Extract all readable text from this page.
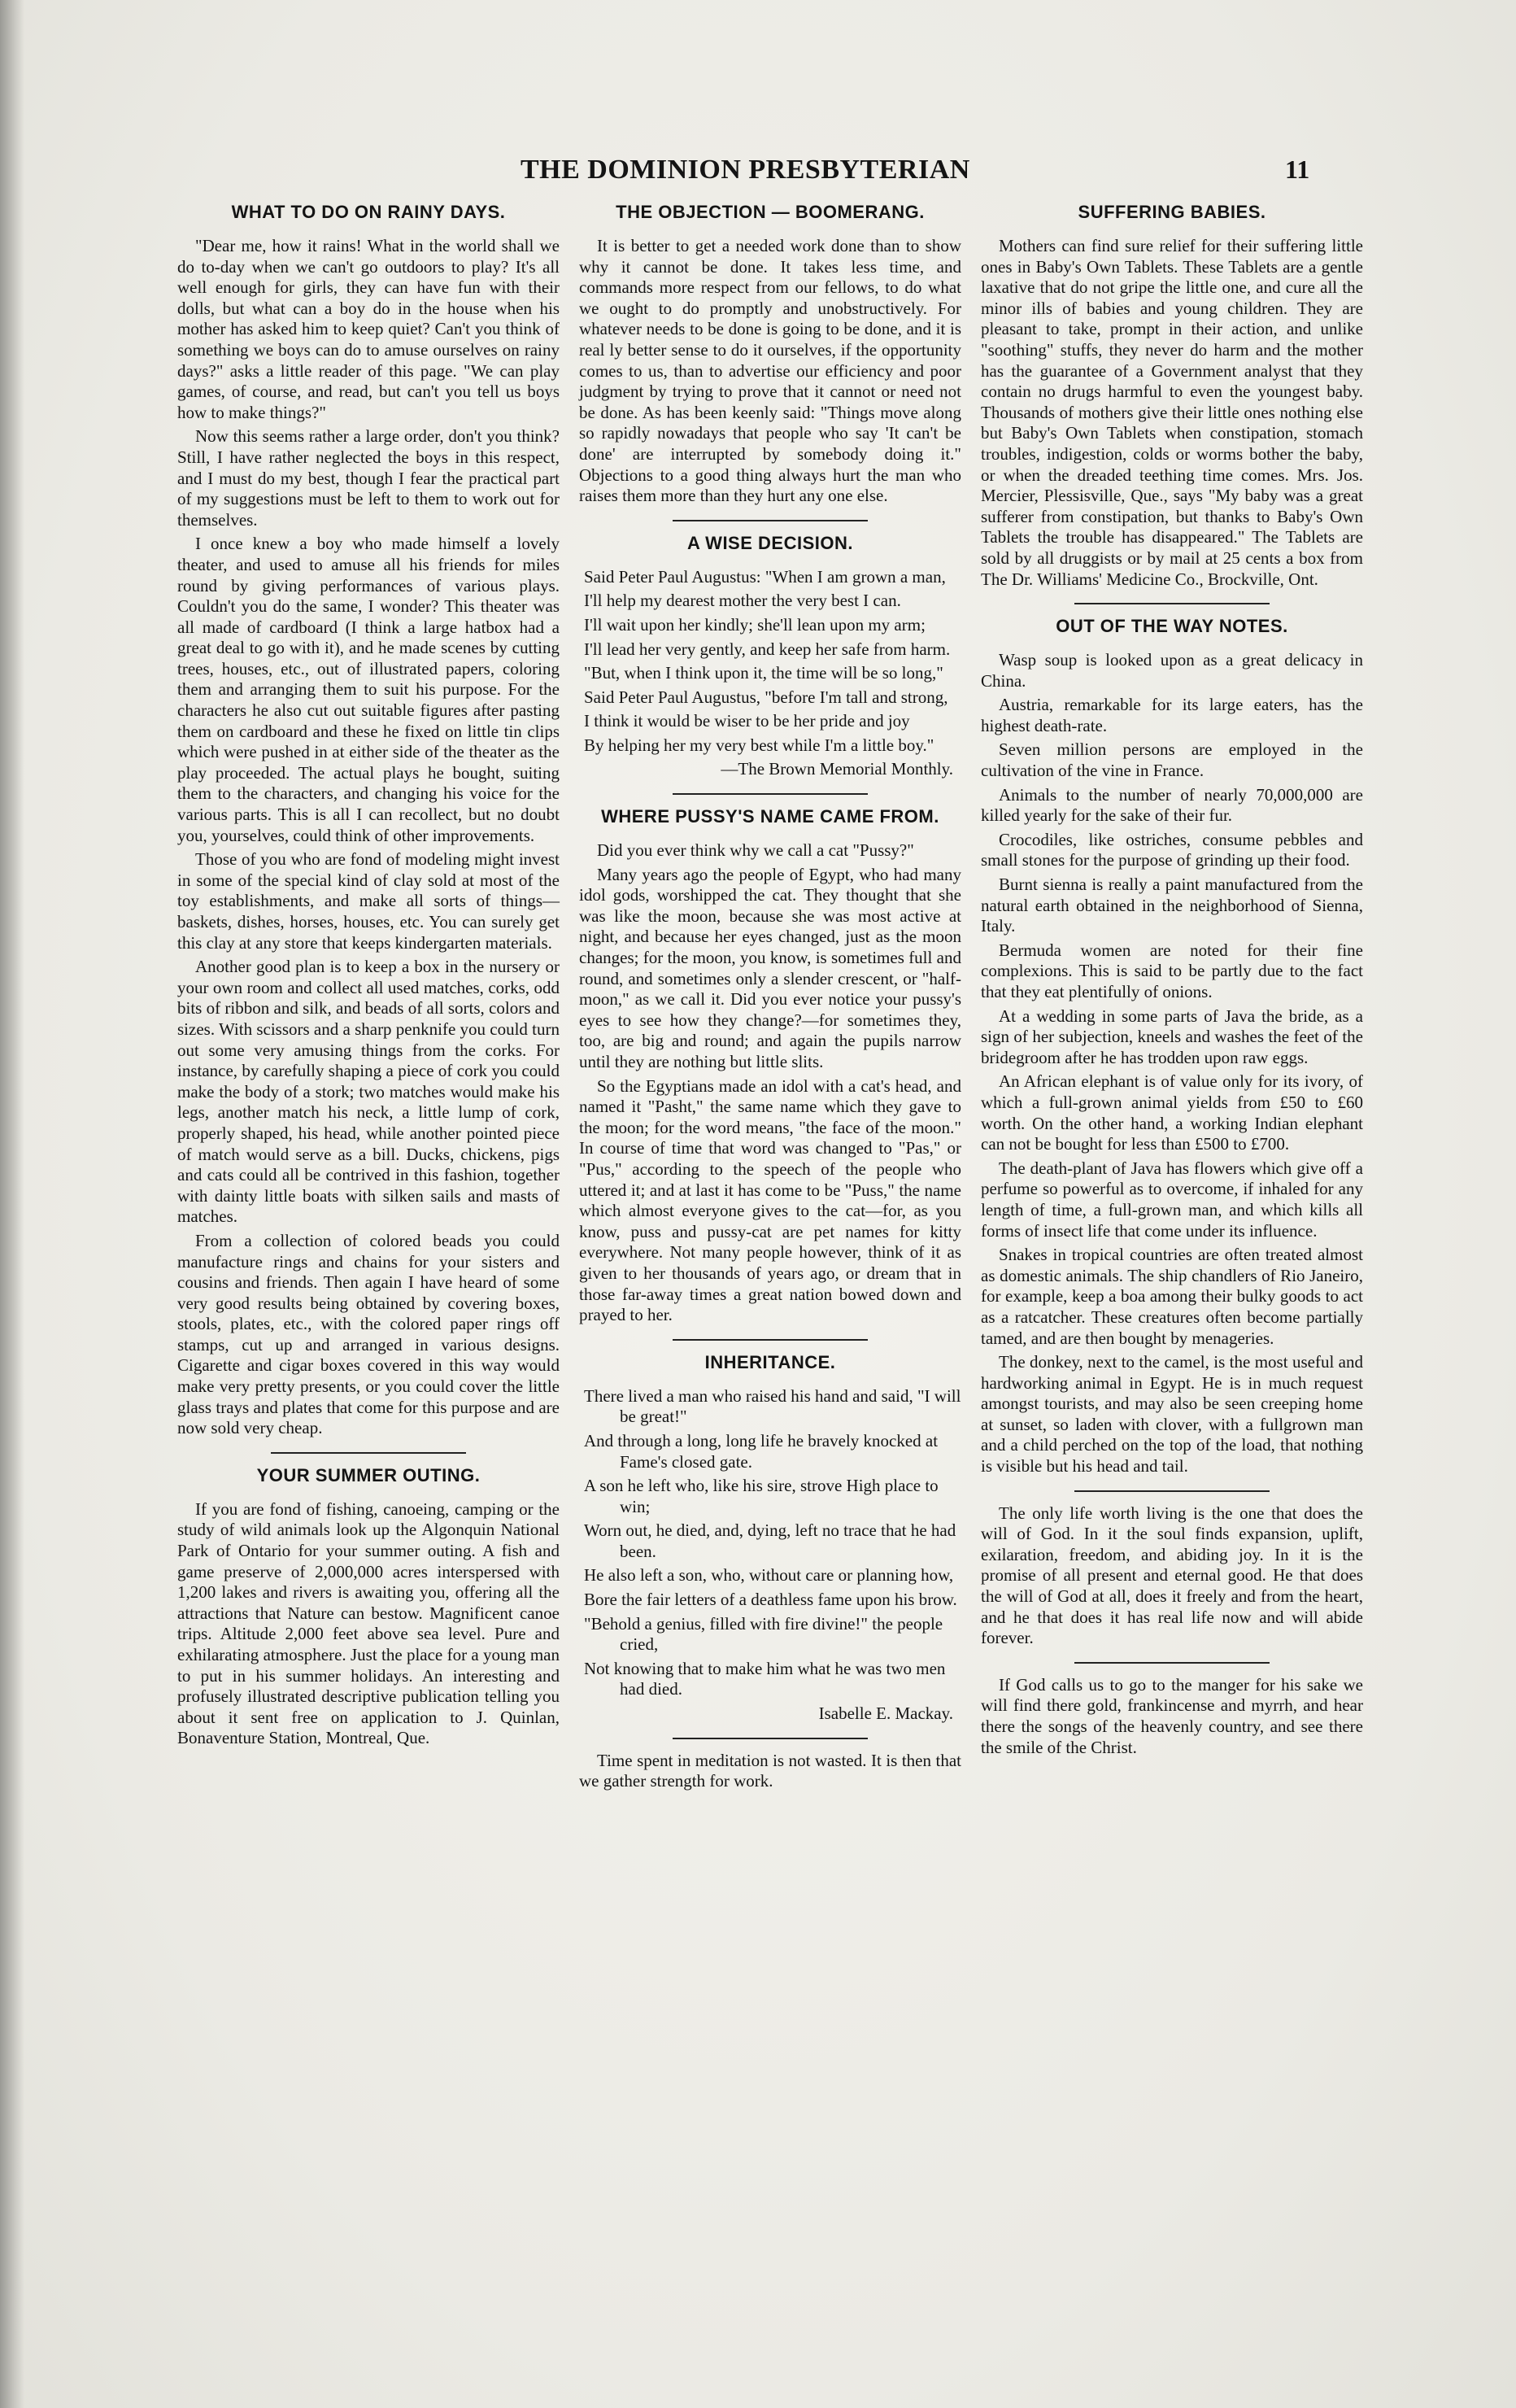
THE DOMINION PRESBYTERIAN	11
WHAT TO DO ON RAINY DAYS.

"Dear me, how it rains! What in the world shall we do to-day when we can't go outdoors to play? It's all well enough for girls, they can have fun with their dolls, but what can a boy do in the house when his mother has asked him to keep quiet? Can't you think of something we boys can do to amuse ourselves on rainy days?" asks a little reader of this page. "We can play games, of course, and read, but can't you tell us boys how to make things?"

Now this seems rather a large order, don't you think? Still, I have rather neglected the boys in this respect, and I must do my best, though I fear the practical part of my suggestions must be left to them to work out for themselves.

I once knew a boy who made himself a lovely theater, and used to amuse all his friends for miles round by giving performances of various plays. Couldn't you do the same, I wonder? This theater was all made of cardboard (I think a large hatbox had a great deal to go with it), and he made scenes by cutting trees, houses, etc., out of illustrated papers, coloring them and arranging them to suit his purpose. For the characters he also cut out suitable figures after pasting them on cardboard and these he fixed on little tin clips which were pushed in at either side of the theater as the play proceeded. The actual plays he bought, suiting them to the characters, and changing his voice for the various parts. This is all I can recollect, but no doubt you, yourselves, could think of other improvements.

Those of you who are fond of modeling might invest in some of the special kind of clay sold at most of the toy establishments, and make all sorts of things—baskets, dishes, horses, houses, etc. You can surely get this clay at any store that keeps kindergarten materials.

Another good plan is to keep a box in the nursery or your own room and collect all used matches, corks, odd bits of ribbon and silk, and beads of all sorts, colors and sizes. With scissors and a sharp penknife you could turn out some very amusing things from the corks. For instance, by carefully shaping a piece of cork you could make the body of a stork; two matches would make his legs, another match his neck, a little lump of cork, properly shaped, his head, while another pointed piece of match would serve as a bill. Ducks, chickens, pigs and cats could all be contrived in this fashion, together with dainty little boats with silken sails and masts of matches.

From a collection of colored beads you could manufacture rings and chains for your sisters and cousins and friends. Then again I have heard of some very good results being obtained by covering boxes, stools, plates, etc., with the colored paper rings off stamps, cut up and arranged in various designs. Cigarette and cigar boxes covered in this way would make very pretty presents, or you could cover the little glass trays and plates that come for this purpose and are now sold very cheap.

YOUR SUMMER OUTING.

If you are fond of fishing, canoeing, camping or the study of wild animals look up the Algonquin National Park of Ontario for your summer outing. A fish and game preserve of 2,000,000 acres interspersed with 1,200 lakes and rivers is awaiting you, offering all the attractions that Nature can bestow. Magnificent canoe trips. Altitude 2,000 feet above sea level. Pure and exhilarating atmosphere. Just the place for a young man to put in his summer holidays. An interesting and profusely illustrated descriptive publication telling you about it sent free on application to J. Quinlan, Bonaventure Station, Montreal, Que.

THE OBJECTION — BOOMERANG.

It is better to get a needed work done than to show why it cannot be done. It takes less time, and commands more respect from our fellows, to do what we ought to do promptly and unobstructively. For whatever needs to be done is going to be done, and it is real ly better sense to do it ourselves, if the opportunity comes to us, than to advertise our efficiency and poor judgment by trying to prove that it cannot or need not be done. As has been keenly said: "Things move along so rapidly nowadays that people who say 'It can't be done' are interrupted by somebody doing it." Objections to a good thing always hurt the man who raises them more than they hurt any one else.

A WISE DECISION.

Said Peter Paul Augustus: "When I am grown a man,

I'll help my dearest mother the very best I can.

I'll wait upon her kindly; she'll lean upon my arm;

I'll lead her very gently, and keep her safe from harm.

"But, when I think upon it, the time will be so long,"

Said Peter Paul Augustus, "before I'm tall and strong,

I think it would be wiser to be her pride and joy

By helping her my very best while I'm a little boy."

—The Brown Memorial Monthly.

WHERE PUSSY'S NAME CAME FROM.

Did you ever think why we call a cat "Pussy?"

Many years ago the people of Egypt, who had many idol gods, worshipped the cat. They thought that she was like the moon, because she was most active at night, and because her eyes changed, just as the moon changes; for the moon, you know, is sometimes full and round, and sometimes only a slender crescent, or "half-moon," as we call it. Did you ever notice your pussy's eyes to see how they change?—for sometimes they, too, are big and round; and again the pupils narrow until they are nothing but little slits.

So the Egyptians made an idol with a cat's head, and named it "Pasht," the same name which they gave to the moon; for the word means, "the face of the moon." In course of time that word was changed to "Pas," or "Pus," according to the speech of the people who uttered it; and at last it has come to be "Puss," the name which almost everyone gives to the cat—for, as you know, puss and pussy-cat are pet names for kitty everywhere. Not many people however, think of it as given to her thousands of years ago, or dream that in those far-away times a great nation bowed down and prayed to her.

INHERITANCE.

There lived a man who raised his hand and said, "I will be great!"

And through a long, long life he bravely knocked at Fame's closed gate.

A son he left who, like his sire, strove High place to win;

Worn out, he died, and, dying, left no trace that he had been.

He also left a son, who, without care or planning how,

Bore the fair letters of a deathless fame upon his brow.

"Behold a genius, filled with fire divine!" the people cried,

Not knowing that to make him what he was two men had died.

Isabelle E. Mackay.

Time spent in meditation is not wasted. It is then that we gather strength for work.

SUFFERING BABIES.

Mothers can find sure relief for their suffering little ones in Baby's Own Tablets. These Tablets are a gentle laxative that do not gripe the little one, and cure all the minor ills of babies and young children. They are pleasant to take, prompt in their action, and unlike "soothing" stuffs, they never do harm and the mother has the guarantee of a Government analyst that they contain no drugs harmful to even the youngest baby. Thousands of mothers give their little ones nothing else but Baby's Own Tablets when constipation, stomach troubles, indigestion, colds or worms bother the baby, or when the dreaded teething time comes. Mrs. Jos. Mercier, Plessisville, Que., says "My baby was a great sufferer from constipation, but thanks to Baby's Own Tablets the trouble has disappeared." The Tablets are sold by all druggists or by mail at 25 cents a box from The Dr. Williams' Medicine Co., Brockville, Ont.

OUT OF THE WAY NOTES.

Wasp soup is looked upon as a great delicacy in China.

Austria, remarkable for its large eaters, has the highest death-rate.

Seven million persons are employed in the cultivation of the vine in France.

Animals to the number of nearly 70,000,000 are killed yearly for the sake of their fur.

Crocodiles, like ostriches, consume pebbles and small stones for the purpose of grinding up their food.

Burnt sienna is really a paint manufactured from the natural earth obtained in the neighborhood of Sienna, Italy.

Bermuda women are noted for their fine complexions. This is said to be partly due to the fact that they eat plentifully of onions.

At a wedding in some parts of Java the bride, as a sign of her subjection, kneels and washes the feet of the bridegroom after he has trodden upon raw eggs.

An African elephant is of value only for its ivory, of which a full-grown animal yields from £50 to £60 worth. On the other hand, a working Indian elephant can not be bought for less than £500 to £700.

The death-plant of Java has flowers which give off a perfume so powerful as to overcome, if inhaled for any length of time, a full-grown man, and which kills all forms of insect life that come under its influence.

Snakes in tropical countries are often treated almost as domestic animals. The ship chandlers of Rio Janeiro, for example, keep a boa among their bulky goods to act as a ratcatcher. These creatures often become partially tamed, and are then bought by menageries.

The donkey, next to the camel, is the most useful and hardworking animal in Egypt. He is in much request amongst tourists, and may also be seen creeping home at sunset, so laden with clover, with a fullgrown man and a child perched on the top of the load, that nothing is visible but his head and tail.

The only life worth living is the one that does the will of God. In it the soul finds expansion, uplift, exilaration, freedom, and abiding joy. In it is the promise of all present and eternal good. He that does the will of God at all, does it freely and from the heart, and he that does it has real life now and will abide forever.

If God calls us to go to the manger for his sake we will find there gold, frankincense and myrrh, and hear there the songs of the heavenly country, and see there the smile of the Christ.
